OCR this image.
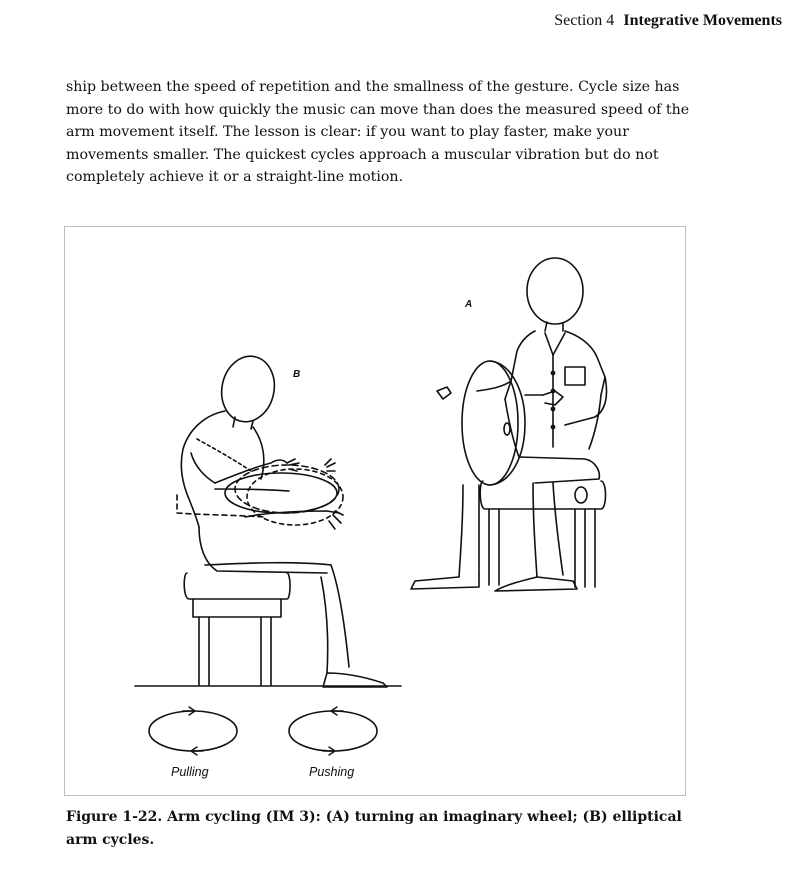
Section 4 Integrative Movements
ship between the speed of repetition and the smallness of the gesture. Cycle size has more to do with how quickly the music can move than does the measured speed of the arm movement itself. The lesson is clear: if you want to play faster, make your movements smaller. The quickest cycles approach a muscular vibration but do not completely achieve it or a straight-line motion.
B
A
Pulling	Pushing
Figure 1-22. Arm cycling (IM 3): (A) turning an imaginary wheel; (B) elliptical arm cycles.
